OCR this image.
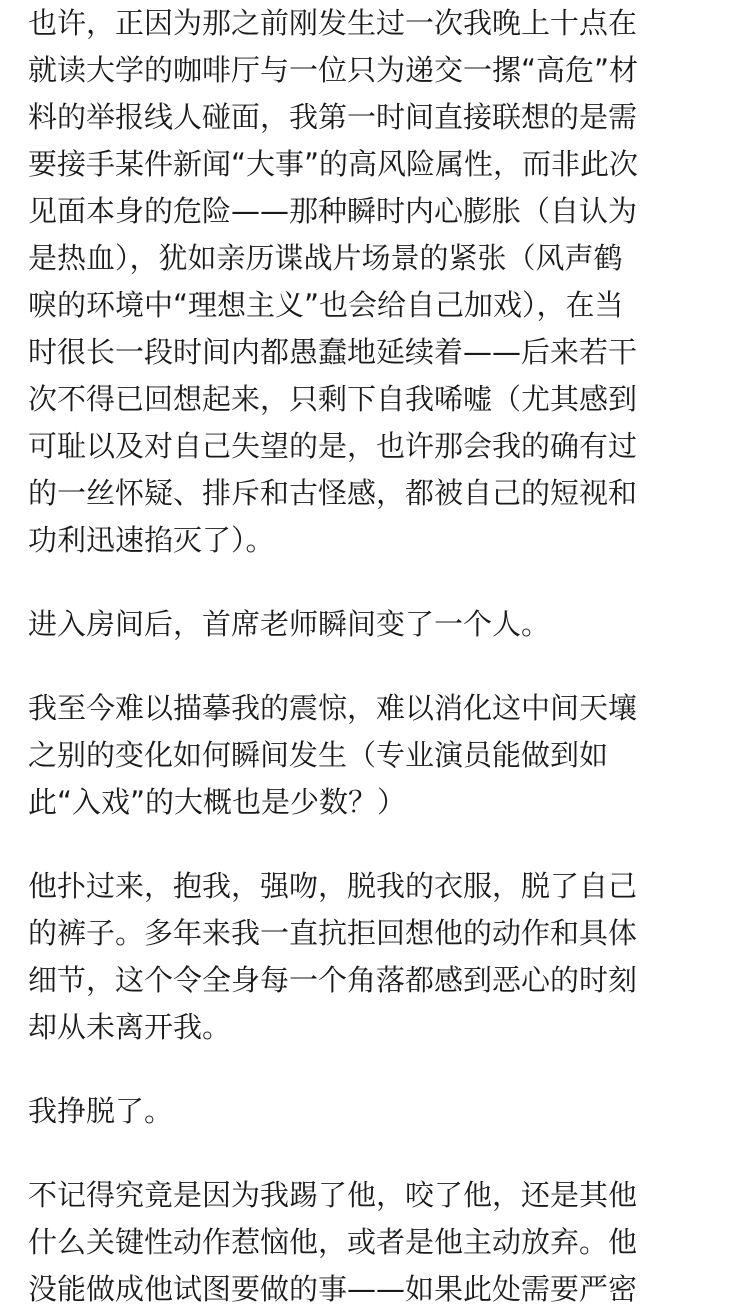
也许，正因为那之前刚发生过一次我晚上十点在
就读大学的咖啡厅与一位只为递交一摞“高危”材
料的举报线人碰面，我第一时间直接联想的是需
要接手某件新闻“大事”的高风险属性，而非此次
见面本身的危险——那种瞬时内心膨胀（自认为
是热血），犹如亲历谍战片场景的紧张（风声鹤
唳的环境中“理想主义”也会给自己加戏），在当
时很长一段时间内都愚蠢地延续着——后来若干
次不得已回想起来，只剩下自我唏嘘（尤其感到
可耻以及对自己失望的是，也许那会我的确有过
的一丝怀疑、排斥和古怪感，都被自己的短视和
功利迅速掐灭了）。
进入房间后，首席老师瞬间变了一个人。
我至今难以描摹我的震惊，难以消化这中间天壤
之别的变化如何瞬间发生（专业演员能做到如
此“入戏”的大概也是少数？）
他扑过来，抱我，强吻，脱我的衣服，脱了自己
的裤子。多年来我一直抗拒回想他的动作和具体
细节，这个令全身每一个角落都感到恶心的时刻
却从未离开我。
我挣脱了。
不记得究竟是因为我踢了他，咬了他，还是其他
什么关键性动作惹恼他，或者是他主动放弃。他
没能做成他试图要做的事——如果此处需要严密
